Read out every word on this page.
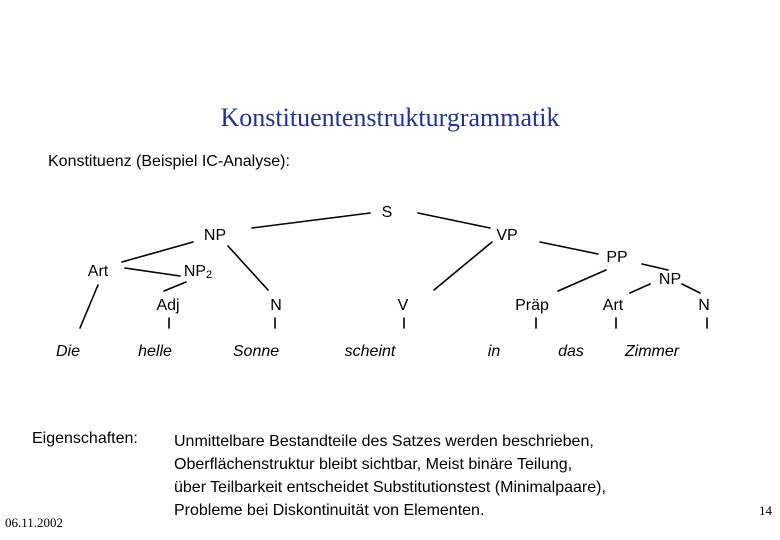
Konstituentenstrukturgrammatik
Konstituenz (Beispiel IC-Analyse):
S
NP	VP
PP
Art	$NP_2$	NP
Adj	N	V	Präp	Art	N
Die	helle	Sonne	scheint	in	das	Zimmer
Eigenschaften: Unmittelbare Bestandteile des Satzes werden beschrieben,
Oberflächenstruktur bleibt sichtbar, Meist binäre Teilung,
über Teilbarkeit entscheidet Substitutionstest (Minimalpaare),
Probleme bei Diskontinuität von Elementen.
06.11.2002
14
